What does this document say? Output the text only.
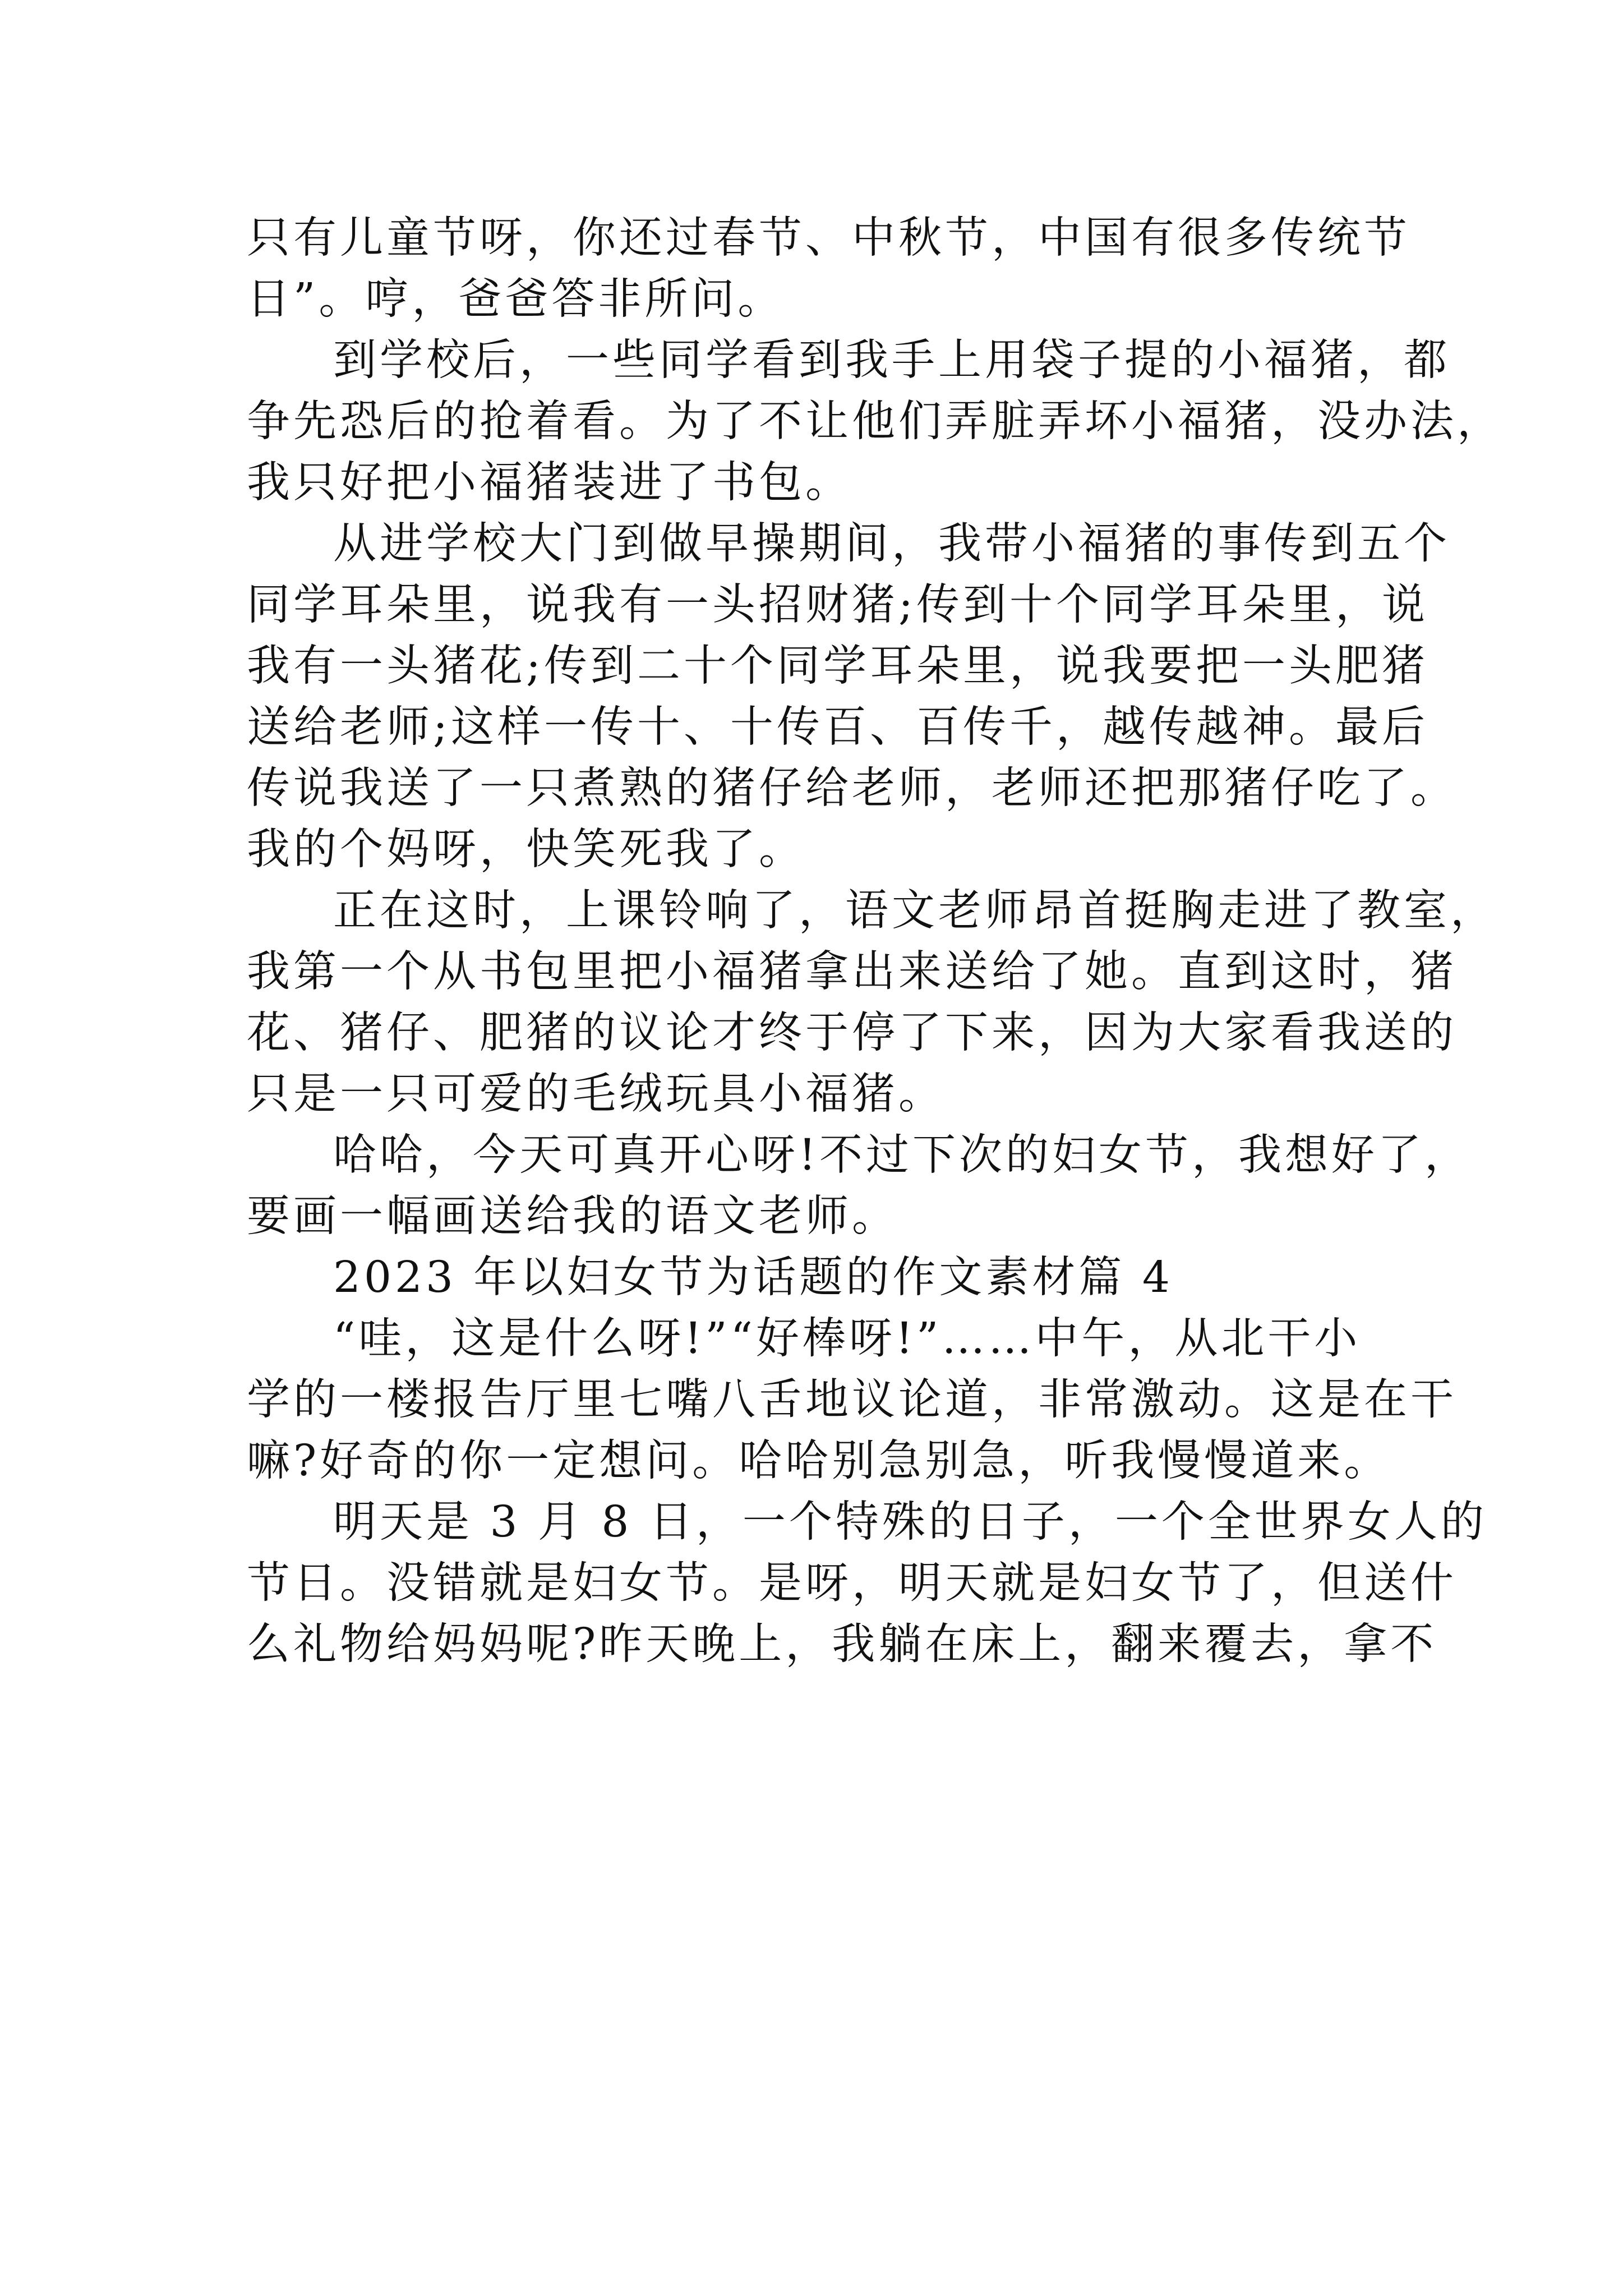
只有儿童节呀，你还过春节、中秋节，中国有很多传统节
日”。哼，爸爸答非所问。
到学校后，一些同学看到我手上用袋子提的小福猪，都
争先恐后的抢着看。为了不让他们弄脏弄坏小福猪，没办法，
我只好把小福猪装进了书包。
从进学校大门到做早操期间，我带小福猪的事传到五个
同学耳朵里，说我有一头招财猪;传到十个同学耳朵里，说
我有一头猪花;传到二十个同学耳朵里，说我要把一头肥猪
送给老师;这样一传十、十传百、百传千，越传越神。最后
传说我送了一只煮熟的猪仔给老师，老师还把那猪仔吃了。
我的个妈呀，快笑死我了。
正在这时，上课铃响了，语文老师昂首挺胸走进了教室，
我第一个从书包里把小福猪拿出来送给了她。直到这时，猪
花、猪仔、肥猪的议论才终于停了下来，因为大家看我送的
只是一只可爱的毛绒玩具小福猪。
哈哈，今天可真开心呀!不过下次的妇女节，我想好了，
要画一幅画送给我的语文老师。
2023 年以妇女节为话题的作文素材篇 4
“哇，这是什么呀!”“好棒呀!”……中午，从北干小
学的一楼报告厅里七嘴八舌地议论道，非常激动。这是在干
嘛?好奇的你一定想问。哈哈别急别急，听我慢慢道来。
明天是 3 月 8 日，一个特殊的日子，一个全世界女人的
节日。没错就是妇女节。是呀，明天就是妇女节了，但送什
么礼物给妈妈呢?昨天晚上，我躺在床上，翻来覆去，拿不
